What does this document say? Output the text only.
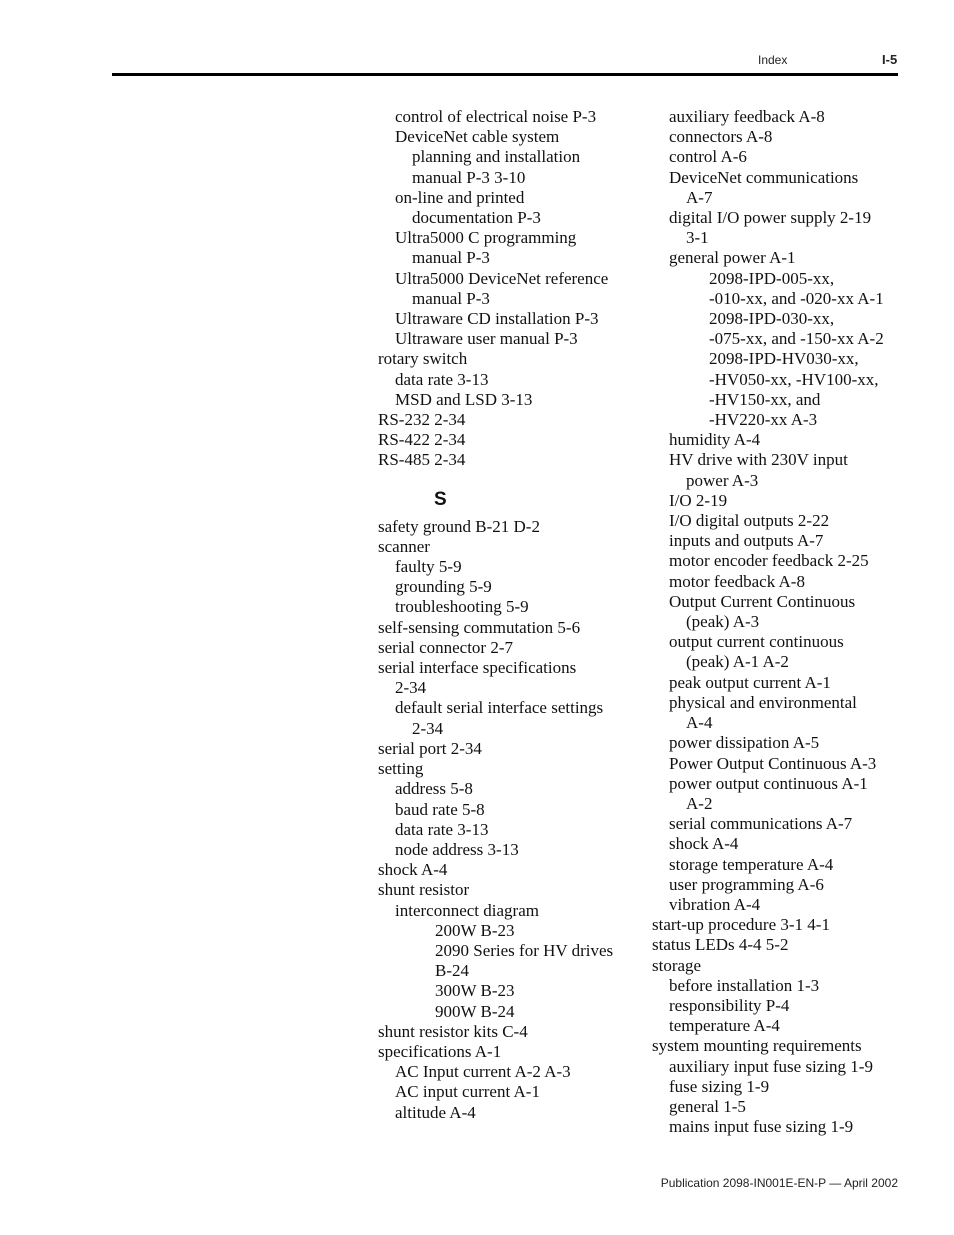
Index	I-5
control of electrical noise P-3
DeviceNet cable system
planning and installation
manual P-3 3-10
on-line and printed
documentation P-3
Ultra5000 C programming
manual P-3
Ultra5000 DeviceNet reference
manual P-3
Ultraware CD installation P-3
Ultraware user manual P-3
rotary switch
data rate 3-13
MSD and LSD 3-13
RS-232 2-34
RS-422 2-34
RS-485 2-34
S
safety ground B-21 D-2
scanner
faulty 5-9
grounding 5-9
troubleshooting 5-9
self-sensing commutation 5-6
serial connector 2-7
serial interface specifications
2-34
default serial interface settings
2-34
serial port 2-34
setting
address 5-8
baud rate 5-8
data rate 3-13
node address 3-13
shock A-4
shunt resistor
interconnect diagram
200W B-23
2090 Series for HV drives
B-24
300W B-23
900W B-24
shunt resistor kits C-4
specifications A-1
AC Input current A-2 A-3
AC input current A-1
altitude A-4
auxiliary feedback A-8
connectors A-8
control A-6
DeviceNet communications
A-7
digital I/O power supply 2-19
3-1
general power A-1
2098-IPD-005-xx,
-010-xx, and -020-xx A-1
2098-IPD-030-xx,
-075-xx, and -150-xx A-2
2098-IPD-HV030-xx,
-HV050-xx, -HV100-xx,
-HV150-xx, and
-HV220-xx A-3
humidity A-4
HV drive with 230V input
power A-3
I/O 2-19
I/O digital outputs 2-22
inputs and outputs A-7
motor encoder feedback 2-25
motor feedback A-8
Output Current Continuous
(peak) A-3
output current continuous
(peak) A-1 A-2
peak output current A-1
physical and environmental
A-4
power dissipation A-5
Power Output Continuous A-3
power output continuous A-1
A-2
serial communications A-7
shock A-4
storage temperature A-4
user programming A-6
vibration A-4
start-up procedure 3-1 4-1
status LEDs 4-4 5-2
storage
before installation 1-3
responsibility P-4
temperature A-4
system mounting requirements
auxiliary input fuse sizing 1-9
fuse sizing 1-9
general 1-5
mains input fuse sizing 1-9
Publication 2098-IN001E-EN-P — April 2002
